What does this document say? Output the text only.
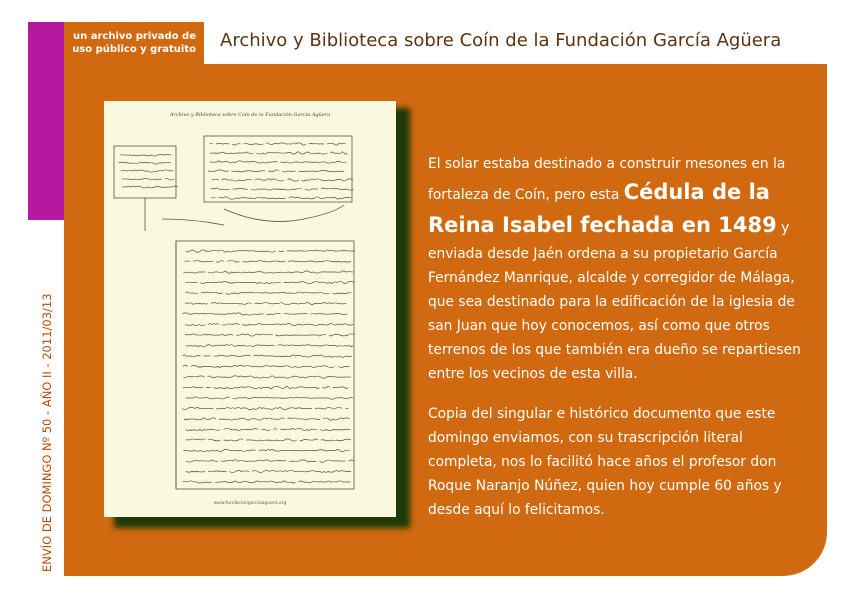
un archivo privado de
uso público y gratuito Archivo y Biblioteca sobre Coín de la Fundación García Agüera
ENVÍO DE DOMINGO Nº 50 - AÑO II - 2011/03/13
Archivo y Biblioteca sobre Coín de la Fundación García Agüera
www.fundaciongarciaaguera.org

El solar estaba destinado a construir mesones en la fortaleza de Coín, pero esta Cédula de la Reina Isabel fechada en 1489 y enviada desde Jaén ordena a su propietario García Fernández Manrique, alcalde y corregidor de Málaga, que sea destinado para la edificación de la iglesia de san Juan que hoy conocemos, así como que otros terrenos de los que también era dueño se repartiesen entre los vecinos de esta villa.

Copia del singular e histórico documento que este domingo enviamos, con su trascripción literal completa, nos lo facilitó hace años el profesor don Roque Naranjo Núñez, quien hoy cumple 60 años y desde aquí lo felicitamos.
